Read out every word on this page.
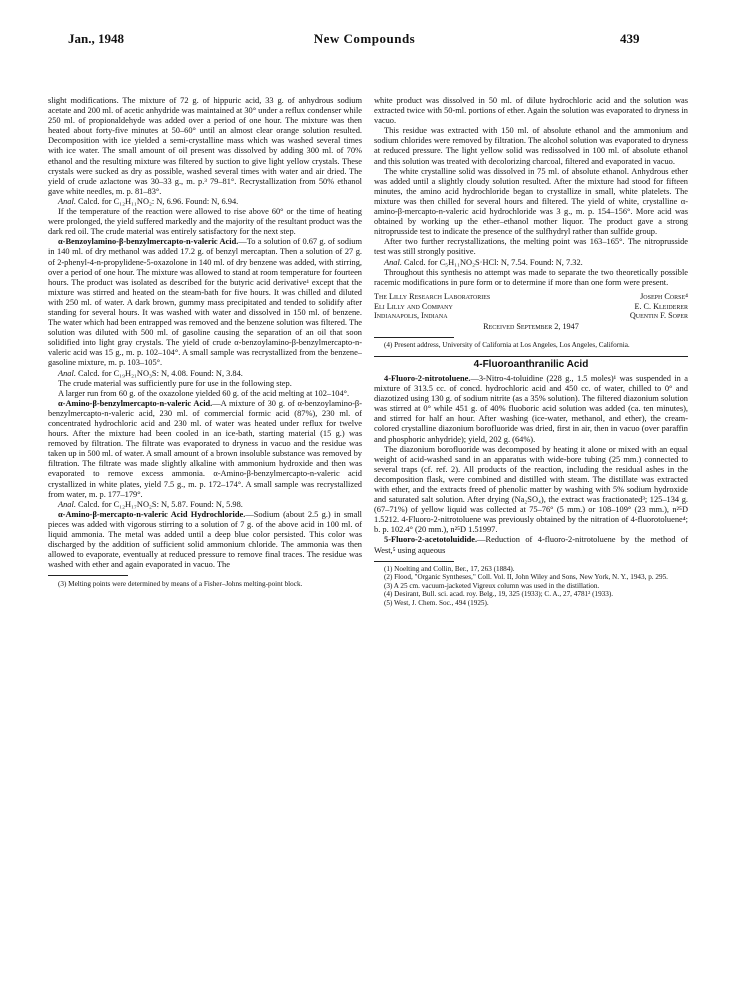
Jan., 1948	New Compounds	439

slight modifications. The mixture of 72 g. of hippuric acid, 33 g. of anhydrous sodium acetate and 200 ml. of acetic anhydride was maintained at 30° under a reflux condenser while 250 ml. of propionaldehyde was added over a period of one hour. The mixture was then heated about forty-five minutes at 50–60° until an almost clear orange solution resulted. Decomposition with ice yielded a semi-crystalline mass which was washed several times with ice water. The small amount of oil present was dissolved by adding 300 ml. of 70% ethanol and the resulting mixture was filtered by suction to give light yellow crystals. These crystals were sucked as dry as possible, washed several times with water and air dried. The yield of crude azlactone was 30–33 g., m. p.³ 79–81°. Recrystallization from 50% ethanol gave white needles, m. p. 81–83°.

Anal. Calcd. for C₁₂H₁₁NO₂: N, 6.96. Found: N, 6.94.

If the temperature of the reaction were allowed to rise above 60° or the time of heating were prolonged, the yield suffered markedly and the majority of the resultant product was the dark red oil. The crude material was entirely satisfactory for the next step.

α-Benzoylamino-β-benzylmercapto-n-valeric Acid.—To a solution of 0.67 g. of sodium in 140 ml. of dry methanol was added 17.2 g. of benzyl mercaptan. Then a solution of 27 g. of 2-phenyl-4-n-propylidene-5-oxazolone in 140 ml. of dry benzene was added, with stirring, over a period of one hour. The mixture was allowed to stand at room temperature for fourteen hours. The product was isolated as described for the butyric acid derivative¹ except that the mixture was stirred and heated on the steam-bath for five hours. It was chilled and diluted with 250 ml. of water. A dark brown, gummy mass precipitated and tended to solidify after standing for several hours. It was washed with water and dissolved in 150 ml. of benzene. The water which had been entrapped was removed and the benzene solution was filtered. The solution was diluted with 500 ml. of gasoline causing the separation of an oil that soon solidified into light gray crystals. The yield of crude α-benzoylamino-β-benzylmercapto-n-valeric acid was 15 g., m. p. 102–104°. A small sample was recrystallized from the benzene–gasoline mixture, m. p. 103–105°.

Anal. Calcd. for C₁₉H₂₁NO₃S: N, 4.08. Found: N, 3.84.

The crude material was sufficiently pure for use in the following step.

A larger run from 60 g. of the oxazolone yielded 60 g. of the acid melting at 102–104°.

α-Amino-β-benzylmercapto-n-valeric Acid.—A mixture of 30 g. of α-benzoylamino-β-benzylmercapto-n-valeric acid, 230 ml. of commercial formic acid (87%), 230 ml. of concentrated hydrochloric acid and 230 ml. of water was heated under reflux for twelve hours. After the mixture had been cooled in an ice-bath, starting material (15 g.) was removed by filtration. The filtrate was evaporated to dryness in vacuo and the residue was taken up in 500 ml. of water. A small amount of a brown insoluble substance was removed by filtration. The filtrate was made slightly alkaline with ammonium hydroxide and then was evaporated to remove excess ammonia. α-Amino-β-benzylmercapto-n-valeric acid crystallized in white plates, yield 7.5 g., m. p. 172–174°. A small sample was recrystallized from water, m. p. 177–179°.

Anal. Calcd. for C₁₂H₁₇NO₂S: N, 5.87. Found: N, 5.98.

α-Amino-β-mercapto-n-valeric Acid Hydrochloride.—Sodium (about 2.5 g.) in small pieces was added with vigorous stirring to a solution of 7 g. of the above acid in 100 ml. of liquid ammonia. The metal was added until a deep blue color persisted. This color was discharged by the addition of sufficient solid ammonium chloride. The ammonia was then allowed to evaporate, eventually at reduced pressure to remove final traces. The residue was washed with ether and again evaporated in vacuo. The

(3) Melting points were determined by means of a Fisher–Johns melting-point block.

white product was dissolved in 50 ml. of dilute hydrochloric acid and the solution was extracted twice with 50-ml. portions of ether. Again the solution was evaporated to dryness in vacuo.

This residue was extracted with 150 ml. of absolute ethanol and the ammonium and sodium chlorides were removed by filtration. The alcohol solution was evaporated to dryness at reduced pressure. The light yellow solid was redissolved in 100 ml. of absolute ethanol and this solution was treated with decolorizing charcoal, filtered and evaporated in vacuo.

The white crystalline solid was dissolved in 75 ml. of absolute ethanol. Anhydrous ether was added until a slightly cloudy solution resulted. After the mixture had stood for fifteen minutes, the amino acid hydrochloride began to crystallize in small, white platelets. The mixture was then chilled for several hours and filtered. The yield of white, crystalline α-amino-β-mercapto-n-valeric acid hydrochloride was 3 g., m. p. 154–156°. More acid was obtained by working up the ether–ethanol mother liquor. The product gave a strong nitroprusside test to indicate the presence of the sulfhydryl rather than sulfide group.

After two further recrystallizations, the melting point was 163–165°. The nitroprusside test was still strongly positive.

Anal. Calcd. for C₅H₁₁NO₂S·HCl: N, 7.54. Found: N, 7.32.

Throughout this synthesis no attempt was made to separate the two theoretically possible racemic modifications in pure form or to determine if more than one form were present.

The Lilly Research Laboratories	Joseph Corse⁴
Eli Lilly and Company	E. C. Kleiderer
Indianapolis, Indiana	Quentin F. Soper
Received September 2, 1947

(4) Present address, University of California at Los Angeles, Los Angeles, California.

4-Fluoroanthranilic Acid

4-Fluoro-2-nitrotoluene.—3-Nitro-4-toluidine (228 g., 1.5 moles)¹ was suspended in a mixture of 313.5 cc. of concd. hydrochloric acid and 450 cc. of water, chilled to 0° and diazotized using 130 g. of sodium nitrite (as a 35% solution). The filtered diazonium solution was stirred at 0° while 451 g. of 40% fluoboric acid solution was added (ca. ten minutes), and stirred for half an hour. After washing (ice-water, methanol, and ether), the cream-colored crystalline diazonium borofluoride was dried, first in air, then in vacuo (over paraffin and phosphoric anhydride); yield, 202 g. (64%).

The diazonium borofluoride was decomposed by heating it alone or mixed with an equal weight of acid-washed sand in an apparatus with wide-bore tubing (25 mm.) connected to several traps (cf. ref. 2). All products of the reaction, including the residual ashes in the decomposition flask, were combined and distilled with steam. The distillate was extracted with ether, and the extracts freed of phenolic matter by washing with 5% sodium hydroxide and saturated salt solution. After drying (Na₂SO₄), the extract was fractionated³; 125–134 g. (67–71%) of yellow liquid was collected at 75–76° (5 mm.) or 108–109° (23 mm.), n²⁵D 1.5212. 4-Fluoro-2-nitrotoluene was previously obtained by the nitration of 4-fluorotoluene⁴; b. p. 102.4° (20 mm.), n²⁵D 1.51997.

5-Fluoro-2-acetotoluidide.—Reduction of 4-fluoro-2-nitrotoluene by the method of West,⁵ using aqueous

(1) Noelting and Collin, Ber., 17, 263 (1884).

(2) Flood, "Organic Syntheses," Coll. Vol. II, John Wiley and Sons, New York, N. Y., 1943, p. 295.

(3) A 25 cm. vacuum-jacketed Vigreux column was used in the distillation.

(4) Desirant, Bull. sci. acad. roy. Belg., 19, 325 (1933); C. A., 27, 4781² (1933).

(5) West, J. Chem. Soc., 494 (1925).
